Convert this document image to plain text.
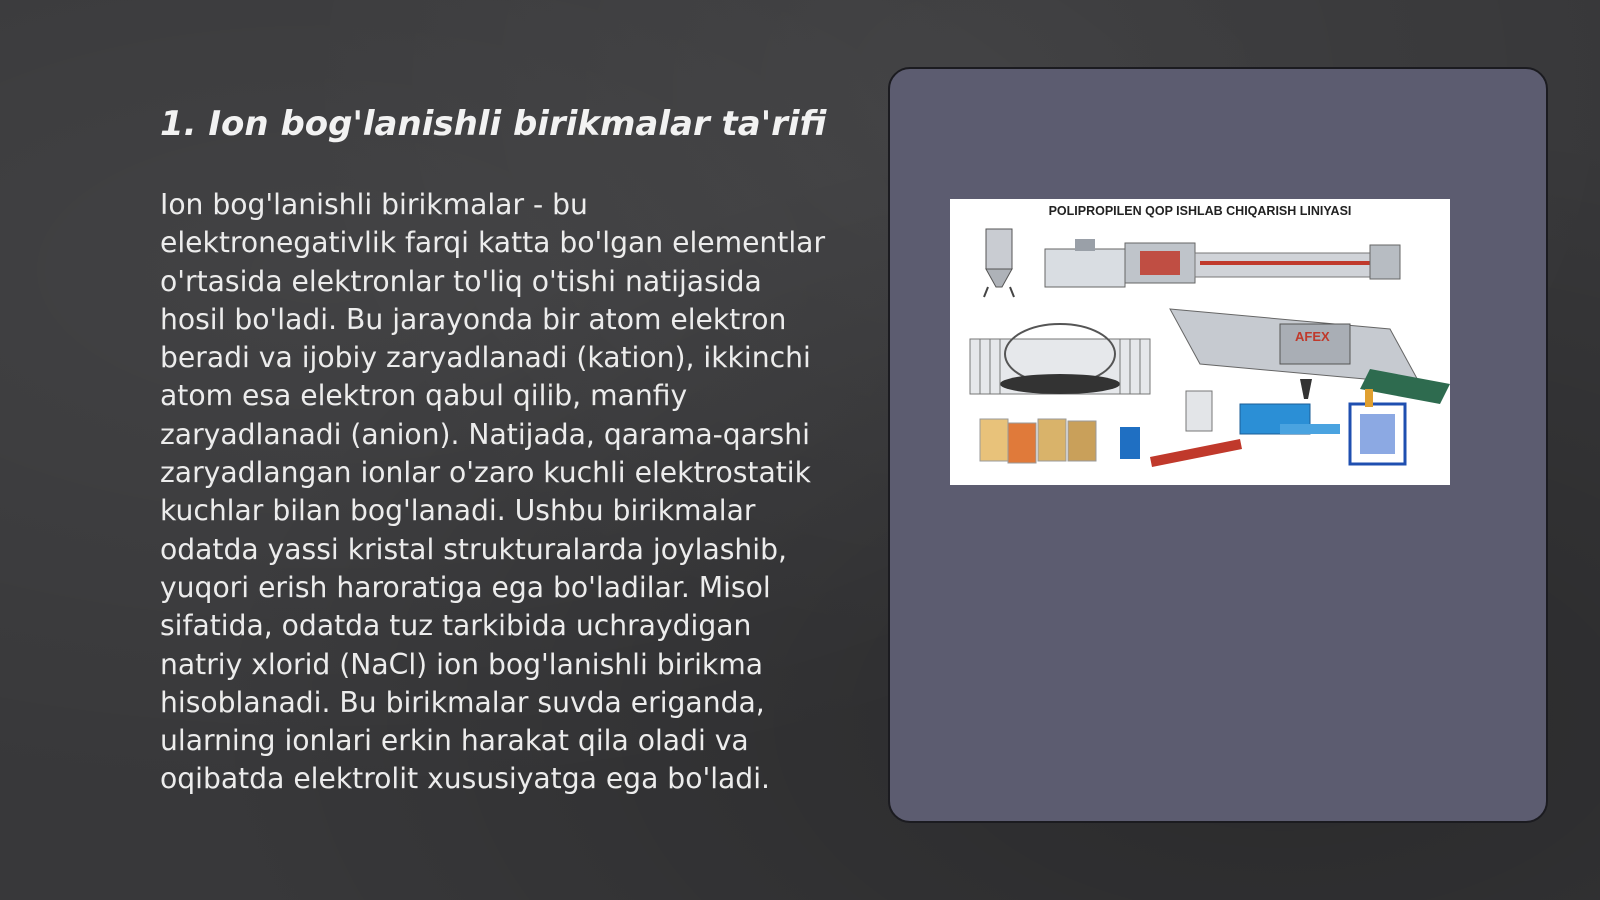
1. Ion bog'lanishli birikmalar ta'rifi
Ion bog'lanishli birikmalar - bu elektronegativlik farqi katta bo'lgan elementlar o'rtasida elektronlar to'liq o'tishi natijasida hosil bo'ladi. Bu jarayonda bir atom elektron beradi va ijobiy zaryadlanadi (kation), ikkinchi atom esa elektron qabul qilib, manfiy zaryadlanadi (anion). Natijada, qarama-qarshi zaryadlangan ionlar o'zaro kuchli elektrostatik kuchlar bilan bog'lanadi. Ushbu birikmalar odatda yassi kristal strukturalarda joylashib, yuqori erish haroratiga ega bo'ladilar. Misol sifatida, odatda tuz tarkibida uchraydigan natriy xlorid (NaCl) ion bog'lanishli birikma hisoblanadi. Bu birikmalar suvda eriganda, ularning ionlari erkin harakat qila oladi va oqibatda elektrolit xususiyatga ega bo'ladi.
AFEX
POLIPROPILEN QOP ISHLAB CHIQARISH LINIYASI
